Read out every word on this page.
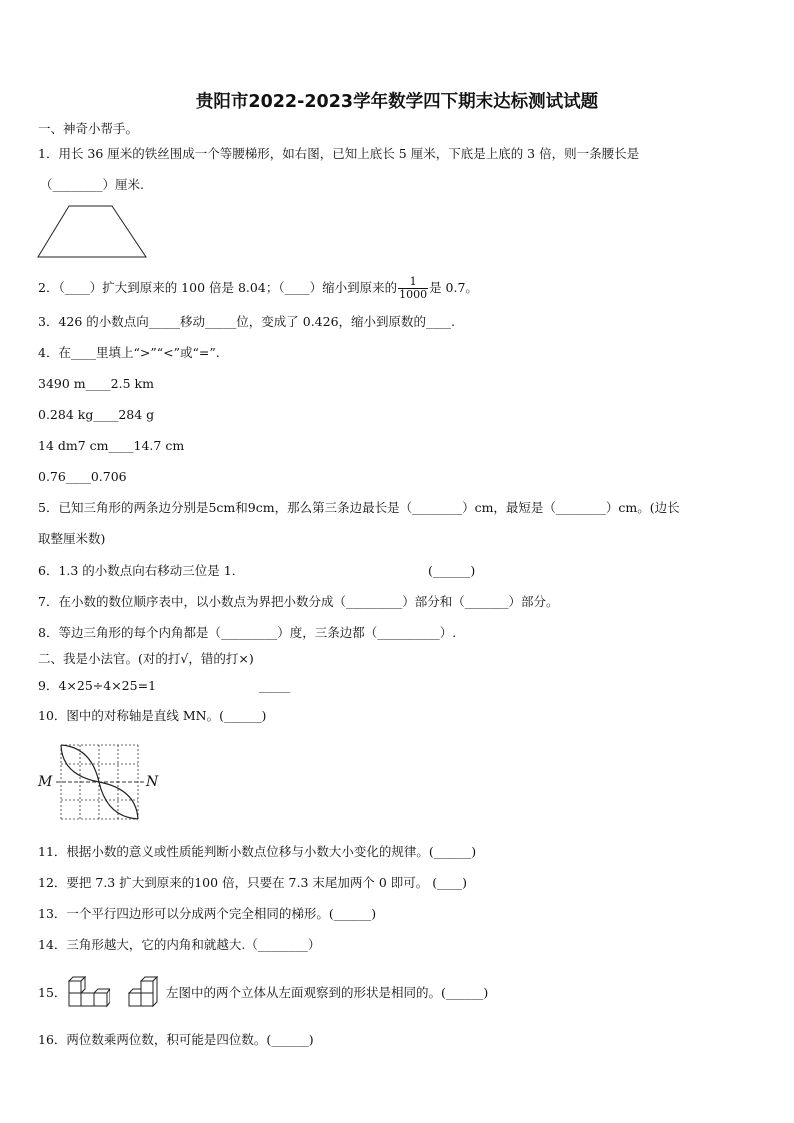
贵阳市2022-2023学年数学四下期末达标测试试题
一、神奇小帮手。
1．用长 36 厘米的铁丝围成一个等腰梯形，如右图，已知上底长 5 厘米，下底是上底的 3 倍，则一条腰长是
（________）厘米.
2．（____）扩大到原来的 100 倍是 8.04；（____）缩小到原来的 $\frac{1}{1000}$ 是 0.7。
3．426 的小数点向_____移动_____位，变成了 0.426，缩小到原数的____.
4．在____里填上“>”“<”或“=”.
3490 m____2.5 km
0.284 kg____284 g
14 dm7 cm____14.7 cm
0.76____0.706
5．已知三角形的两条边分别是5cm和9cm，那么第三条边最长是（________）cm，最短是（________）cm。(边长
取整厘米数)
6．1.3 的小数点向右移动三位是 1．	(______)
7．在小数的数位顺序表中，以小数点为界把小数分成（_________）部分和（_______）部分。
8．等边三角形的每个内角都是（_________）度，三条边都（__________）.
二、我是小法官。(对的打√，错的打×)
9．4×25÷4×25=1	_____
10．图中的对称轴是直线 MN。(______)
M	N
11．根据小数的意义或性质能判断小数点位移与小数大小变化的规律。(______)
12．要把 7.3 扩大到原来的100 倍，只要在 7.3 末尾加两个 0 即可。 (____)
13．一个平行四边形可以分成两个完全相同的梯形。(______)
14．三角形越大，它的内角和就越大.（________）
15．	左图中的两个立体从左面观察到的形状是相同的。(______)
16．两位数乘两位数，积可能是四位数。(______)
